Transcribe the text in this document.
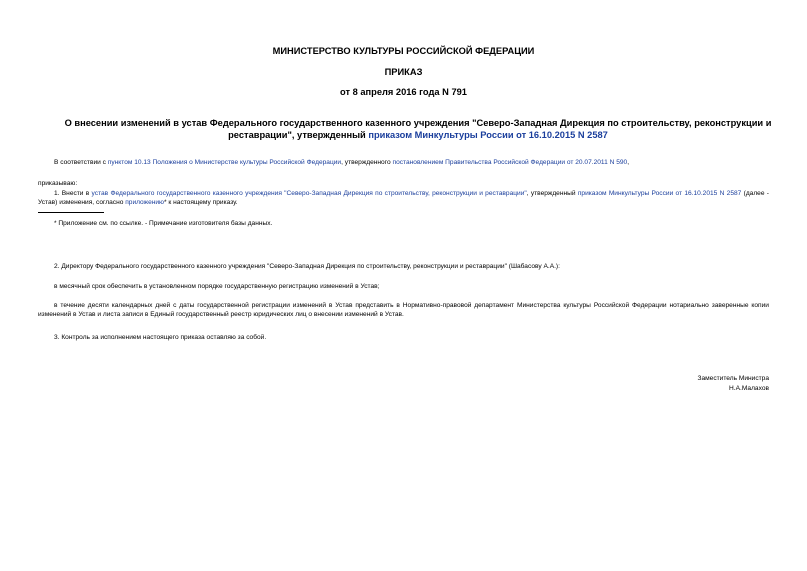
МИНИСТЕРСТВО КУЛЬТУРЫ РОССИЙСКОЙ ФЕДЕРАЦИИ
ПРИКАЗ
от 8 апреля 2016 года N 791
О внесении изменений в устав Федерального государственного казенного учреждения "Северо-Западная Дирекция по строительству, реконструкции и реставрации", утвержденный приказом Минкультуры России от 16.10.2015 N 2587
В соответствии с пунктом 10.13 Положения о Министерстве культуры Российской Федерации, утвержденного постановлением Правительства Российской Федерации от 20.07.2011 N 590,
приказываю:
1. Внести в устав Федерального государственного казенного учреждения "Северо-Западная Дирекция по строительству, реконструкции и реставрации", утвержденный приказом Минкультуры России от 16.10.2015 N 2587 (далее - Устав) изменения, согласно приложению* к настоящему приказу.
* Приложение см. по ссылке. - Примечание изготовителя базы данных.
2. Директору Федерального государственного казенного учреждения "Северо-Западная Дирекция по строительству, реконструкции и реставрации" (Шабасову А.А.):
в месячный срок обеспечить в установленном порядке государственную регистрацию изменений в Устав;
в течение десяти календарных дней с даты государственной регистрации изменений в Устав представить в Нормативно-правовой департамент Министерства культуры Российской Федерации нотариально заверенные копии изменений в Устав и листа записи в Единый государственный реестр юридических лиц о внесении изменений в Устав.
3. Контроль за исполнением настоящего приказа оставляю за собой.
Заместитель Министра
Н.А.Малахов
